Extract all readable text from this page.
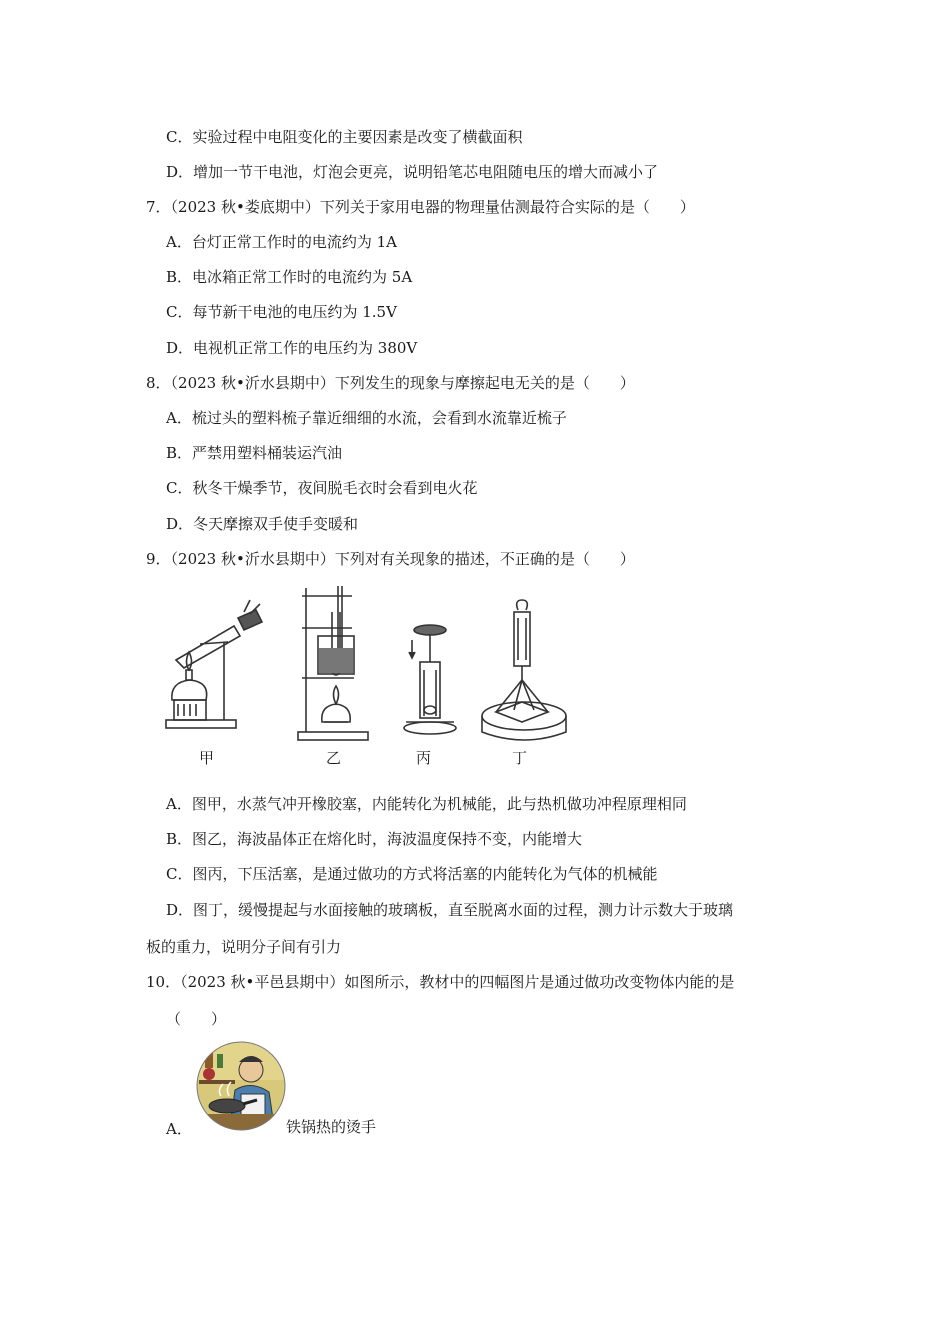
C．实验过程中电阻变化的主要因素是改变了横截面积
D．增加一节干电池，灯泡会更亮，说明铅笔芯电阻随电压的增大而减小了
7．（2023 秋•娄底期中）下列关于家用电器的物理量估测最符合实际的是（　　）
A．台灯正常工作时的电流约为 1A
B．电冰箱正常工作时的电流约为 5A
C．每节新干电池的电压约为 1.5V
D．电视机正常工作的电压约为 380V
8．（2023 秋•沂水县期中）下列发生的现象与摩擦起电无关的是（　　）
A．梳过头的塑料梳子靠近细细的水流，会看到水流靠近梳子
B．严禁用塑料桶装运汽油
C．秋冬干燥季节，夜间脱毛衣时会看到电火花
D．冬天摩擦双手使手变暖和
9．（2023 秋•沂水县期中）下列对有关现象的描述，不正确的是（　　）
甲	乙	丙	丁
A．图甲，水蒸气冲开橡胶塞，内能转化为机械能，此与热机做功冲程原理相同
B．图乙，海波晶体正在熔化时，海波温度保持不变，内能增大
C．图丙，下压活塞，是通过做功的方式将活塞的内能转化为气体的机械能
D．图丁，缓慢提起与水面接触的玻璃板，直至脱离水面的过程，测力计示数大于玻璃
板的重力，说明分子间有引力
10．（2023 秋•平邑县期中）如图所示，教材中的四幅图片是通过做功改变物体内能的是
（　　）
A．	铁锅热的烫手
